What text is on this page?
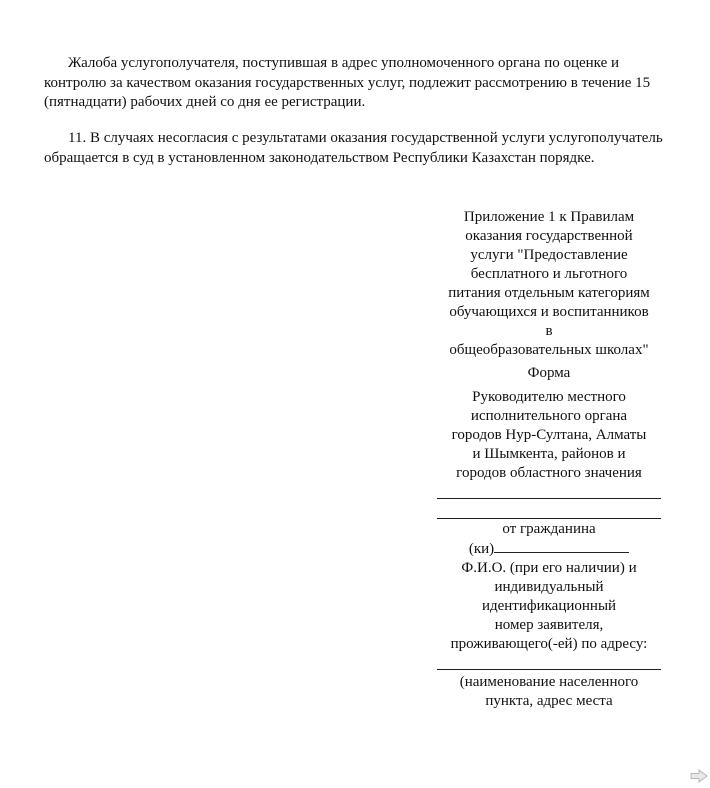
Жалоба услугополучателя, поступившая в адрес уполномоченного органа по оценке и контролю за качеством оказания государственных услуг, подлежит рассмотрению в течение 15 (пятнадцати) рабочих дней со дня ее регистрации.

11. В случаях несогласия с результатами оказания государственной услуги услугополучатель обращается в суд в установленном законодательством Республики Казахстан порядке.

Приложение 1 к Правилам
оказания государственной
услуги "Предоставление
бесплатного и льготного
питания отдельным категориям
обучающихся и воспитанников
в
общеобразовательных школах"
Форма
Руководителю местного
исполнительного органа
городов Нур-Султана, Алматы
и Шымкента, районов и
городов областного значения
от гражданина
(ки)
Ф.И.О. (при его наличии) и
индивидуальный
идентификационный
номер заявителя,
проживающего(-ей) по адресу:
(наименование населенного
пункта, адрес места
